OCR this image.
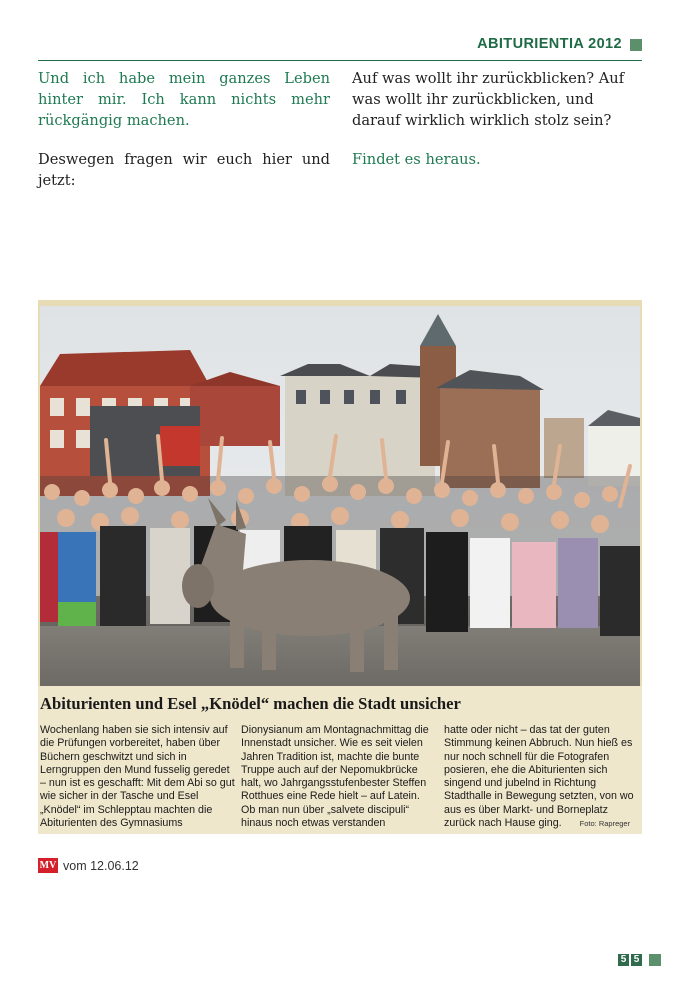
ABITURIENTIA 2012

Und ich habe mein ganzes Leben hinter mir. Ich kann nichts mehr rückgängig machen.

Deswegen fragen wir euch hier und jetzt:

Auf was wollt ihr zurückblicken? Auf was wollt ihr zurückblicken, und darauf wirklich wirklich stolz sein?

Findet es heraus.

Abiturienten und Esel „Knödel“ machen die Stadt unsicher
Wochenlang haben sie sich intensiv auf die Prüfungen vorbereitet, haben über Büchern geschwitzt und sich in Lerngruppen den Mund fusselig geredet – nun ist es geschafft: Mit dem Abi so gut wie sicher in der Tasche und Esel „Knödel“ im Schlepptau machten die Abiturienten des Gymnasiums
Dionysianum am Montagnachmittag die Innenstadt unsicher. Wie es seit vielen Jahren Tradition ist, machte die bunte Truppe auch auf der Nepomukbrücke halt, wo Jahrgangsstufenbester Steffen Rotthues eine Rede hielt – auf Latein. Ob man nun über „salvete discipuli“ hinaus noch etwas verstanden
hatte oder nicht – das tat der guten Stimmung keinen Abbruch. Nun hieß es nur noch schnell für die Fotografen posieren, ehe die Abiturienten sich singend und jubelnd in Richtung Stadthalle in Bewegung setzten, von wo aus es über Markt- und Borneplatz zurück nach Hause ging. Foto: Rapreger
MV vom 12.06.12
5 5
